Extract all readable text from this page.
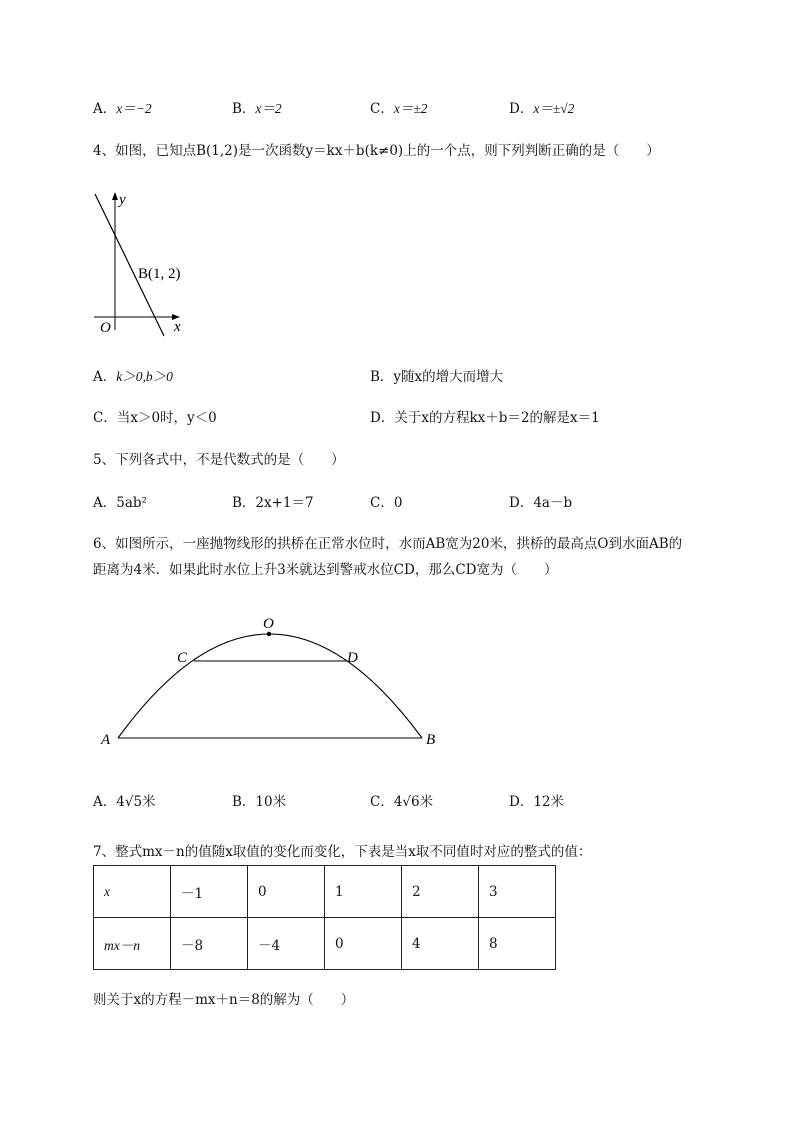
A．x＝−2	B．x＝2	C．x＝±2	D．x＝±√2
4、如图，已知点B(1,2)是一次函数y＝kx＋b(k≠0)上的一个点，则下列判断正确的是（　　）
y
x
O
B(1, 2)
A．k＞0,b＞0	B．y随x的增大而增大
C．当x＞0时，y＜0	D．关于x的方程kx＋b＝2的解是x＝1
5、下列各式中，不是代数式的是（　　）
A．5ab²	B．2x+1＝7	C．0	D．4a－b
6、如图所示，一座抛物线形的拱桥在正常水位时，水而AB宽为20米，拱桥的最高点O到水面AB的
距离为4米．如果此时水位上升3米就达到警戒水位CD，那么CD宽为（　　）
O
C	D
A	B
A．4√5米	B．10米	C．4√6米	D．12米
7、整式mx－n的值随x取值的变化而变化，下表是当x取不同值时对应的整式的值：
x	－1	0	1	2	3
mx－n	－8	－4	0	4	8
则关于x的方程－mx＋n＝8的解为（　　）
